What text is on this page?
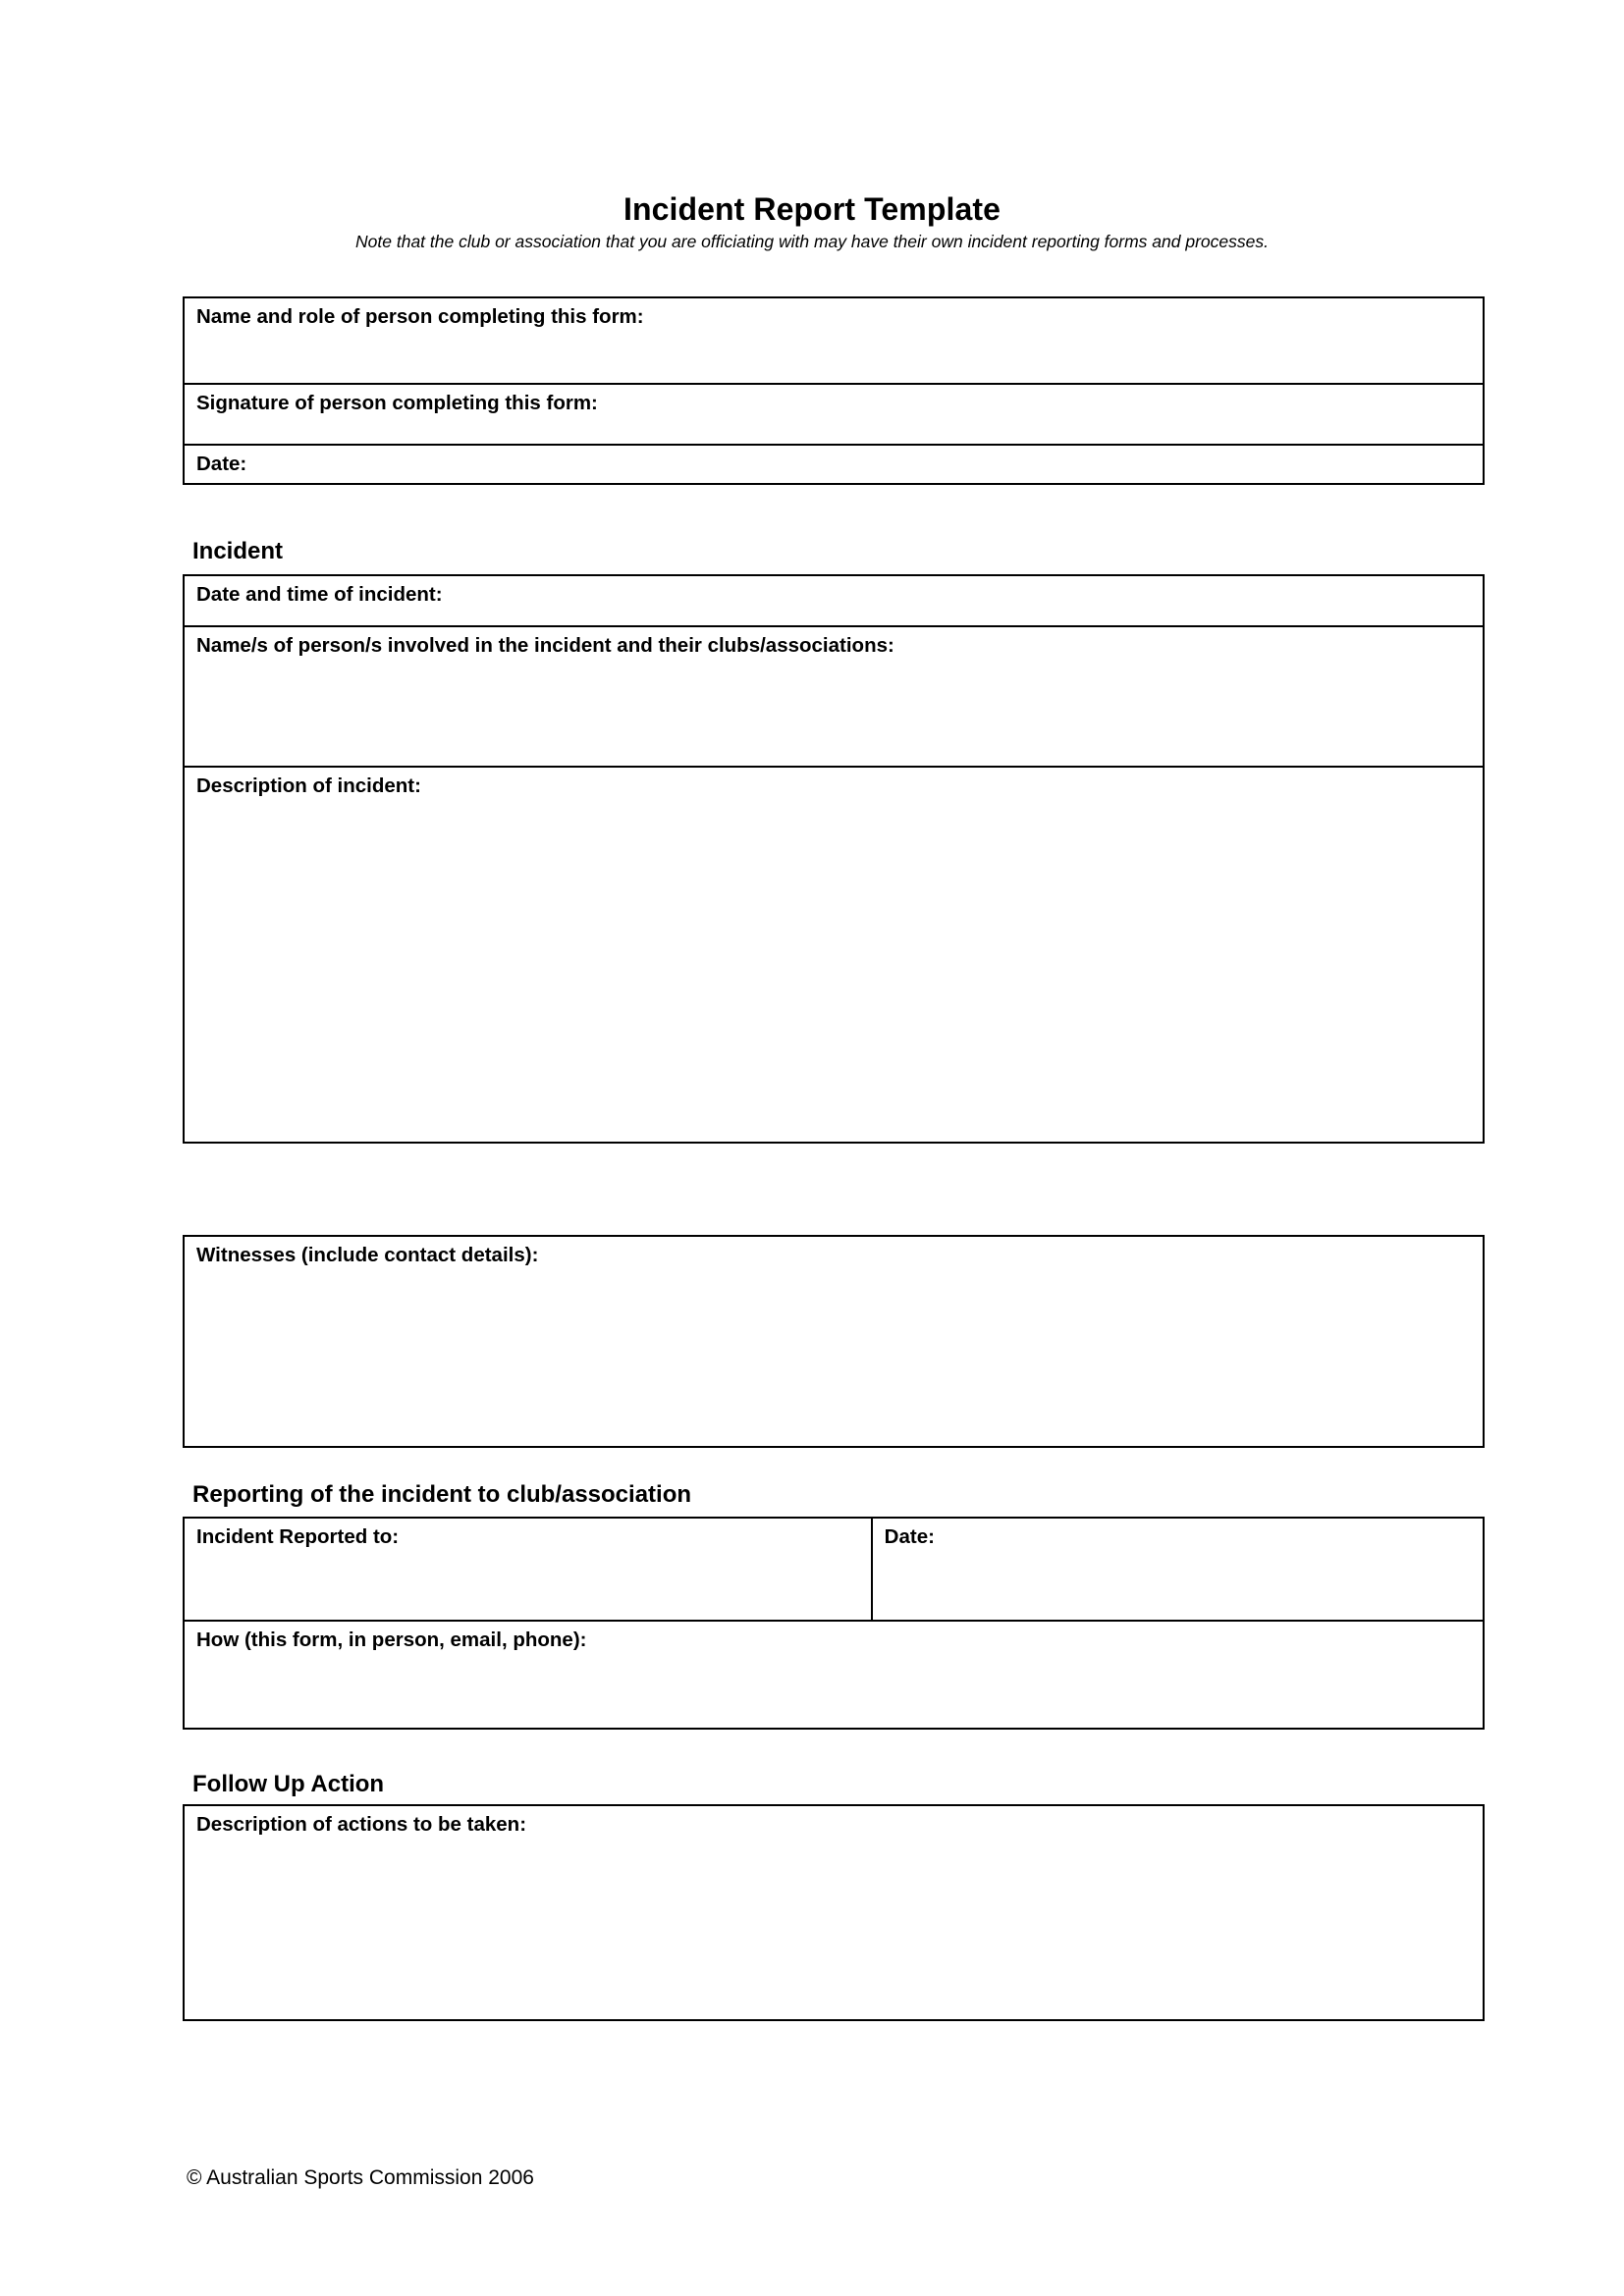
Incident Report Template
Note that the club or association that you are officiating with may have their own incident reporting forms and processes.
Name and role of person completing this form:
Signature of person completing this form:
Date:
Incident
Date and time of incident:
Name/s of person/s involved in the incident and their clubs/associations:
Description of incident:
Witnesses (include contact details):
Reporting of the incident to club/association
Incident Reported to:	Date:
How (this form, in person, email, phone):
Follow Up Action
Description of actions to be taken:
© Australian Sports Commission 2006
